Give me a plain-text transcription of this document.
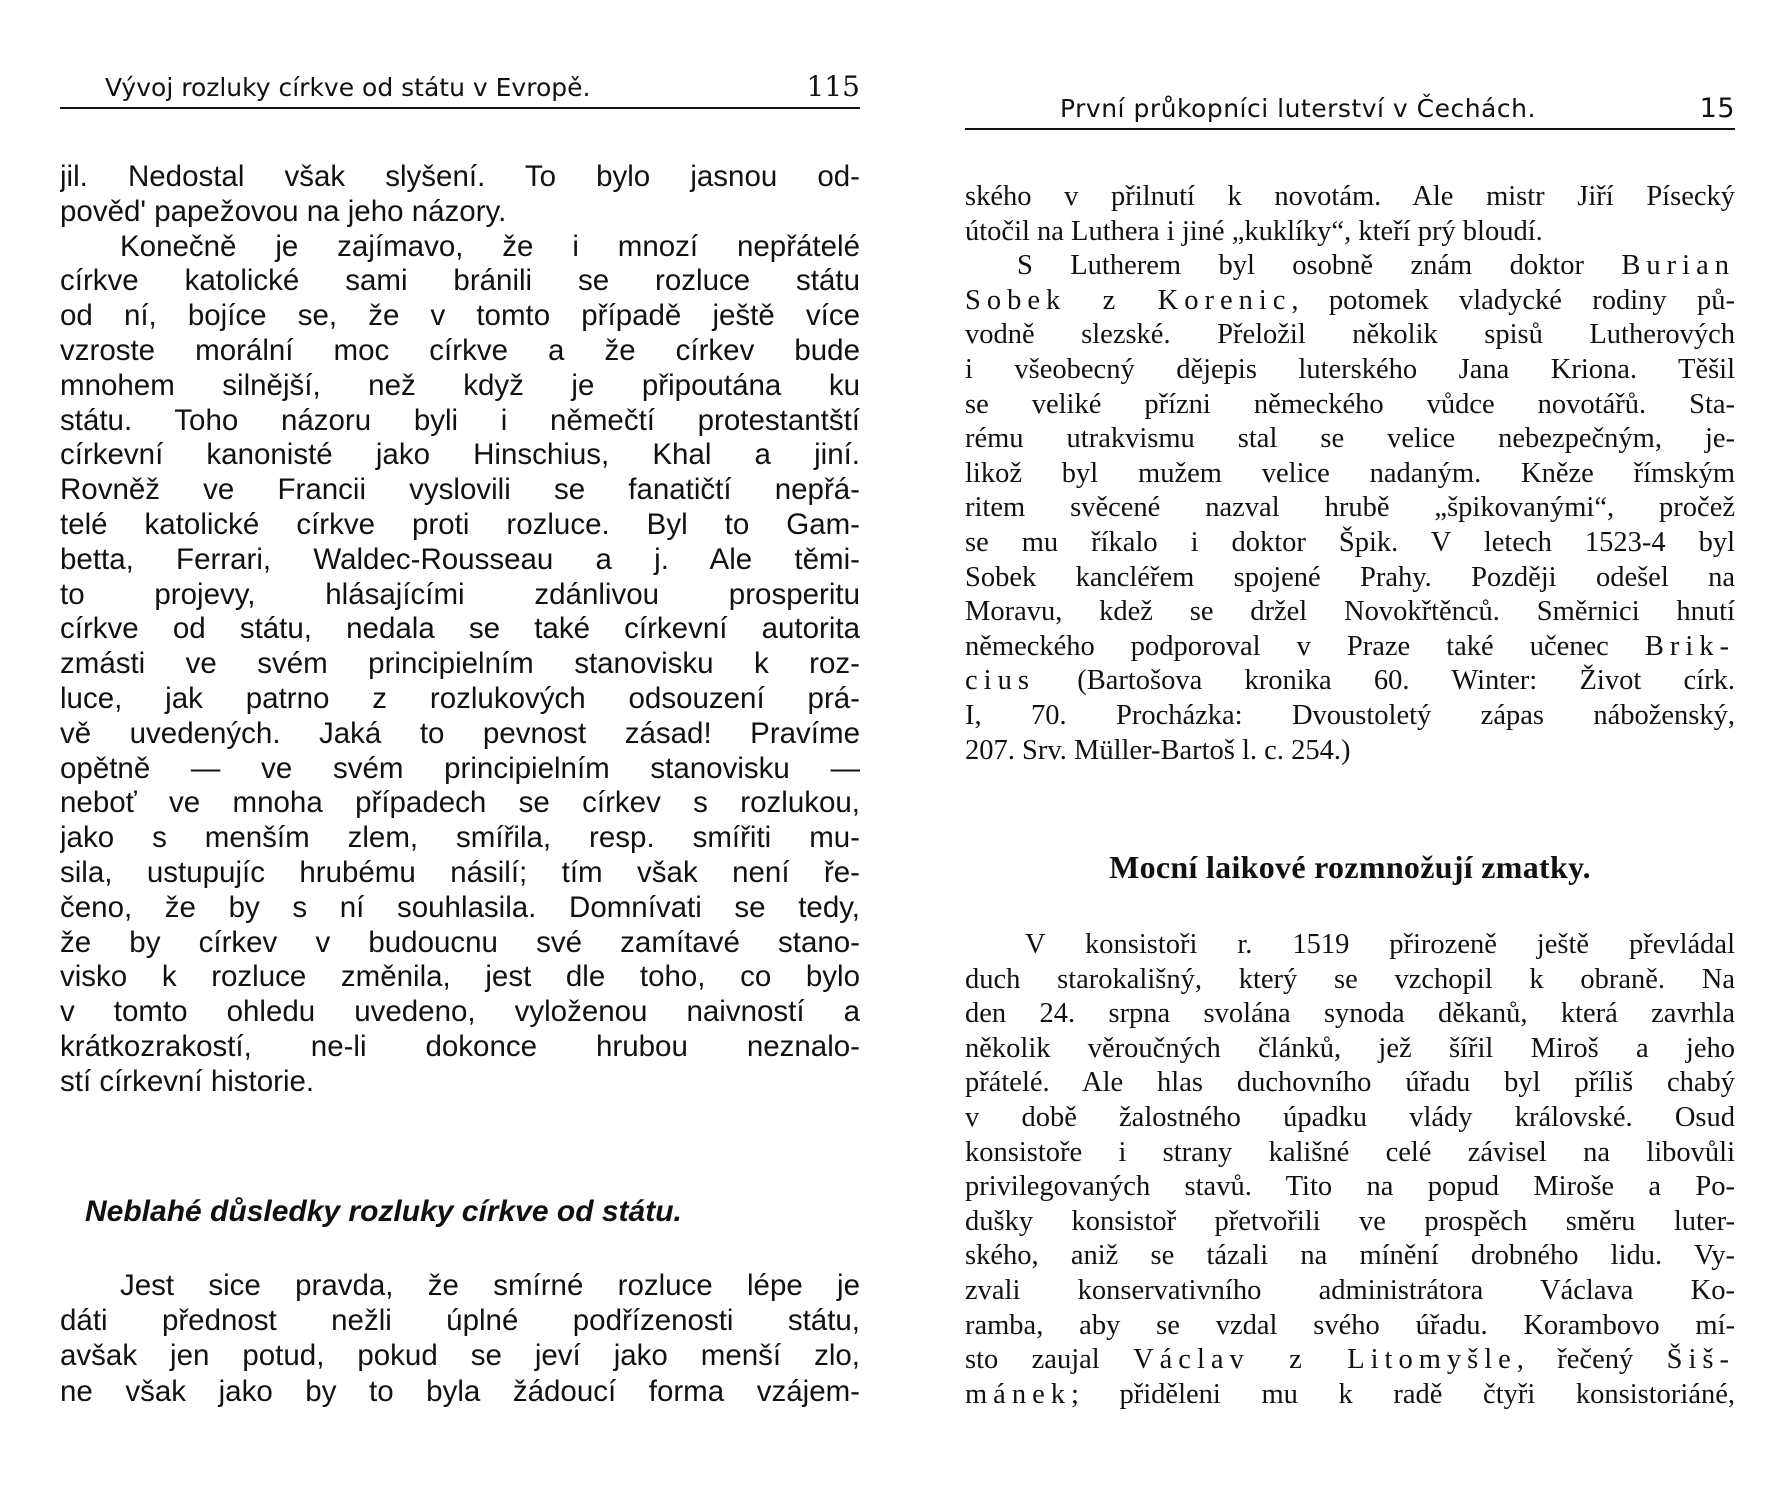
Vývoj rozluky církve od státu v Evropě.	115
jil. Nedostal však slyšení. To bylo jasnou od-
pověd' papežovou na jeho názory.
Konečně je zajímavo, že i mnozí nepřátelé
církve katolické sami bránili se rozluce státu
od ní, bojíce se, že v tomto případě ještě více
vzroste morální moc církve a že církev bude
mnohem silnější, než když je připoutána ku
státu. Toho názoru byli i němečtí protestantští
církevní kanonisté jako Hinschius, Khal a jiní.
Rovněž ve Francii vyslovili se fanatičtí nepřá-
telé katolické církve proti rozluce. Byl to Gam-
betta, Ferrari, Waldec-Rousseau a j. Ale těmi-
to projevy, hlásajícími zdánlivou prosperitu
církve od státu, nedala se také církevní autorita
zmásti ve svém principielním stanovisku k roz-
luce, jak patrno z rozlukových odsouzení prá-
vě uvedených. Jaká to pevnost zásad! Pravíme
opětně — ve svém principielním stanovisku —
neboť ve mnoha případech se církev s rozlukou,
jako s menším zlem, smířila, resp. smířiti mu-
sila, ustupujíc hrubému násilí; tím však není ře-
čeno, že by s ní souhlasila. Domnívati se tedy,
že by církev v budoucnu své zamítavé stano-
visko k rozluce změnila, jest dle toho, co bylo
v tomto ohledu uvedeno, vyloženou naivností a
krátkozrakostí, ne-li dokonce hrubou neznalo-
stí církevní historie.
Neblahé důsledky rozluky církve od státu.
Jest sice pravda, že smírné rozluce lépe je
dáti přednost nežli úplné podřízenosti státu,
avšak jen potud, pokud se jeví jako menší zlo,
ne však jako by to byla žádoucí forma vzájem-
První průkopníci luterství v Čechách.	15
ského v přilnutí k novotám. Ale mistr Jiří Písecký
útočil na Luthera i jiné „kuklíky“, kteří prý bloudí.
S Lutherem byl osobně znám doktor Burian
Sobek z Korenic, potomek vladycké rodiny pů-
vodně slezské. Přeložil několik spisů Lutherových
i všeobecný dějepis luterského Jana Kriona. Těšil
se veliké přízni německého vůdce novotářů. Sta-
rému utrakvismu stal se velice nebezpečným, je-
likož byl mužem velice nadaným. Kněze římským
ritem svěcené nazval hrubě „špikovanými“, pročež
se mu říkalo i doktor Špik. V letech 1523-4 byl
Sobek kancléřem spojené Prahy. Později odešel na
Moravu, kdež se držel Novokřtěnců. Směrnici hnutí
německého podporoval v Praze také učenec Brik-
cius (Bartošova kronika 60. Winter: Život círk.
I, 70. Procházka: Dvoustoletý zápas náboženský,
207. Srv. Müller-Bartoš l. c. 254.)
Mocní laikové rozmnožují zmatky.
V konsistoři r. 1519 přirozeně ještě převládal
duch starokališný, který se vzchopil k obraně. Na
den 24. srpna svolána synoda děkanů, která zavrhla
několik věroučných článků, jež šířil Miroš a jeho
přátelé. Ale hlas duchovního úřadu byl příliš chabý
v době žalostného úpadku vlády královské. Osud
konsistoře i strany kališné celé závisel na libovůli
privilegovaných stavů. Tito na popud Miroše a Po-
dušky konsistoř přetvořili ve prospěch směru luter-
ského, aniž se tázali na mínění drobného lidu. Vy-
zvali konservativního administrátora Václava Ko-
ramba, aby se vzdal svého úřadu. Korambovo mí-
sto zaujal Václav z Litomyšle, řečený Šiš-
mánek; přiděleni mu k radě čtyři konsistoriáné,
